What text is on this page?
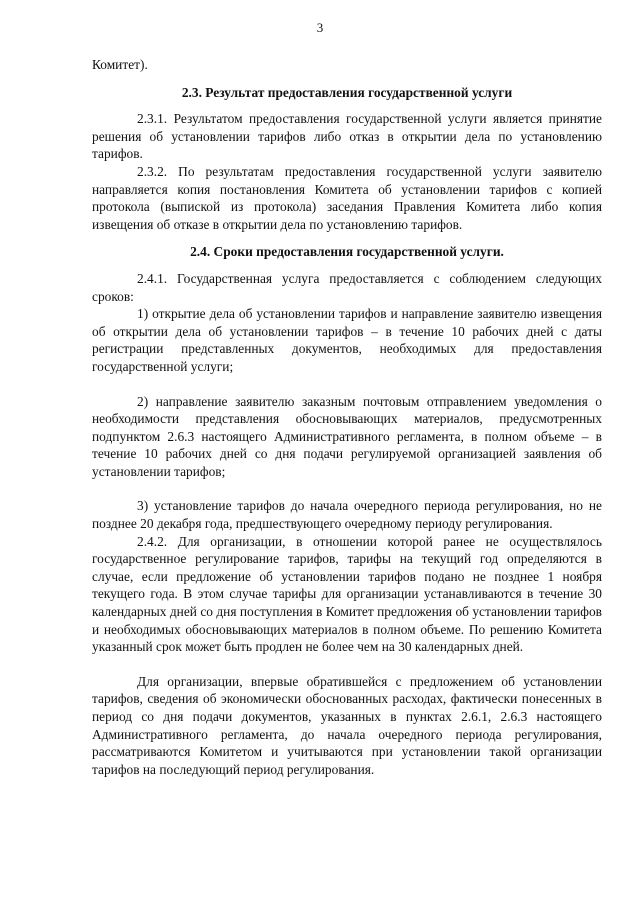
3

Комитет).

2.3. Результат предоставления государственной услуги

2.3.1. Результатом предоставления государственной услуги является принятие решения об установлении тарифов либо отказ в открытии дела по установлению тарифов.

2.3.2. По результатам предоставления государственной услуги заявителю направляется копия постановления Комитета об установлении тарифов с копией протокола (выпиской из протокола) заседания Правления Комитета либо копия извещения об отказе в открытии дела по установлению тарифов.

2.4. Сроки предоставления государственной услуги.

2.4.1. Государственная услуга предоставляется с соблюдением следующих сроков:

1) открытие дела об установлении тарифов и направление заявителю извещения об открытии дела об установлении тарифов – в течение 10 рабочих дней с даты регистрации представленных документов, необходимых для предоставления государственной услуги;

2) направление заявителю заказным почтовым отправлением уведомления о необходимости представления обосновывающих материалов, предусмотренных подпунктом 2.6.3 настоящего Административного регламента, в полном объеме – в течение 10 рабочих дней со дня подачи регулируемой организацией заявления об установлении тарифов;

3) установление тарифов до начала очередного периода регулирования, но не позднее 20 декабря года, предшествующего очередному периоду регулирования.

2.4.2. Для организации, в отношении которой ранее не осуществлялось государственное регулирование тарифов, тарифы на текущий год определяются в случае, если предложение об установлении тарифов подано не позднее 1 ноября текущего года. В этом случае тарифы для организации устанавливаются в течение 30 календарных дней со дня поступления в Комитет предложения об установлении тарифов и необходимых обосновывающих материалов в полном объеме. По решению Комитета указанный срок может быть продлен не более чем на 30 календарных дней.

Для организации, впервые обратившейся с предложением об установлении тарифов, сведения об экономически обоснованных расходах, фактически понесенных в период со дня подачи документов, указанных в пунктах 2.6.1, 2.6.3 настоящего Административного регламента, до начала очередного периода регулирования, рассматриваются Комитетом и учитываются при установлении такой организации тарифов на последующий период регулирования.
